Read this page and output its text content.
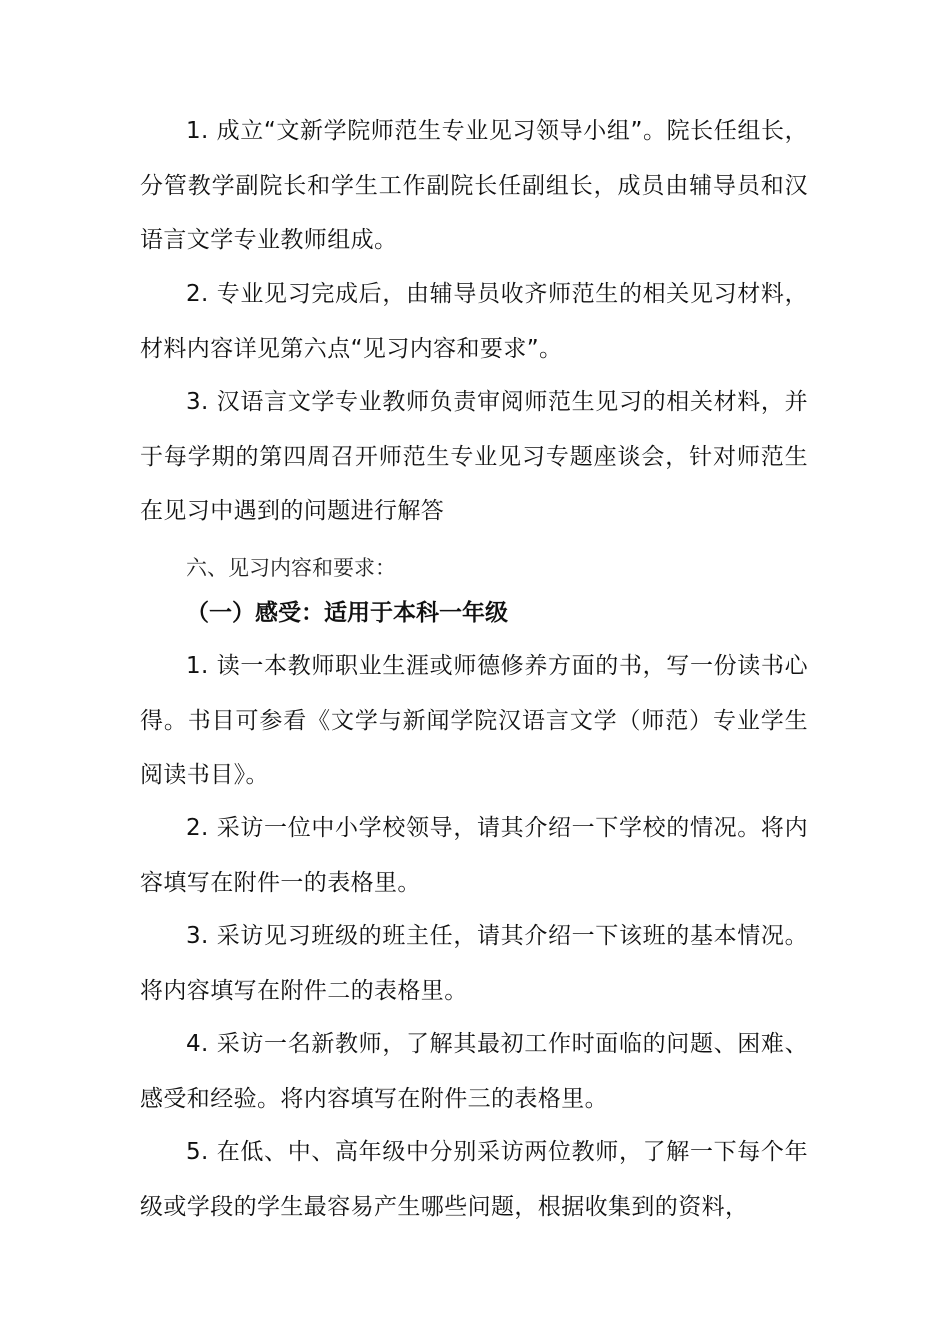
1. 成立“文新学院师范生专业见习领导小组”。院长任组长，分管教学副院长和学生工作副院长任副组长，成员由辅导员和汉语言文学专业教师组成。

2. 专业见习完成后，由辅导员收齐师范生的相关见习材料，材料内容详见第六点“见习内容和要求”。

3. 汉语言文学专业教师负责审阅师范生见习的相关材料，并于每学期的第四周召开师范生专业见习专题座谈会，针对师范生在见习中遇到的问题进行解答

六、见习内容和要求：

（一）感受：适用于本科一年级

1. 读一本教师职业生涯或师德修养方面的书，写一份读书心得。书目可参看《文学与新闻学院汉语言文学（师范）专业学生阅读书目》。

2. 采访一位中小学校领导，请其介绍一下学校的情况。将内容填写在附件一的表格里。

3. 采访见习班级的班主任，请其介绍一下该班的基本情况。将内容填写在附件二的表格里。

4. 采访一名新教师，了解其最初工作时面临的问题、困难、感受和经验。将内容填写在附件三的表格里。

5. 在低、中、高年级中分别采访两位教师，了解一下每个年级或学段的学生最容易产生哪些问题，根据收集到的资料，
